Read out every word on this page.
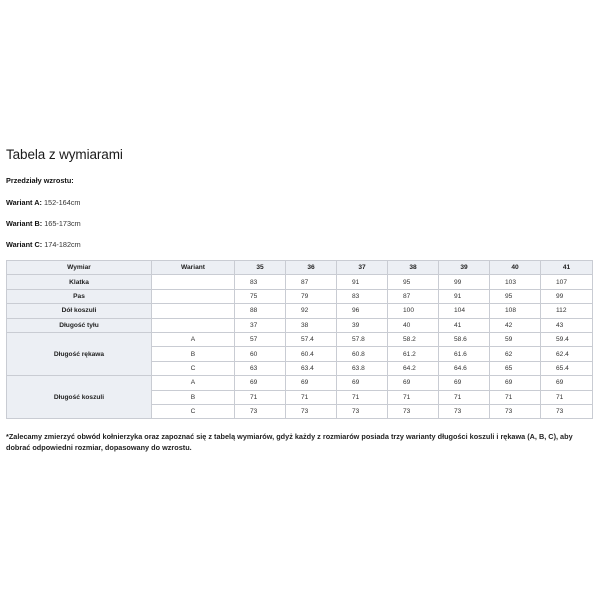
Tabela z wymiarami
Przedziały wzrostu:
Wariant A: 152-164cm
Wariant B: 165-173cm
Wariant C: 174-182cm
Wymiar	Wariant	35	36	37	38	39	40	41
Klatka		83	87	91	95	99	103	107
Pas		75	79	83	87	91	95	99
Dół koszuli		88	92	96	100	104	108	112
Długość tyłu		37	38	39	40	41	42	43
Długość rękawa	A	57	57.4	57.8	58.2	58.6	59	59.4
	B	60	60.4	60.8	61.2	61.6	62	62.4
	C	63	63.4	63.8	64.2	64.6	65	65.4
Długość koszuli	A	69	69	69	69	69	69	69
	B	71	71	71	71	71	71	71
	C	73	73	73	73	73	73	73
*Zalecamy zmierzyć obwód kołnierzyka oraz zapoznać się z tabelą wymiarów, gdyż każdy z rozmiarów posiada trzy warianty długości koszuli i rękawa (A, B, C), aby dobrać odpowiedni rozmiar, dopasowany do wzrostu.
